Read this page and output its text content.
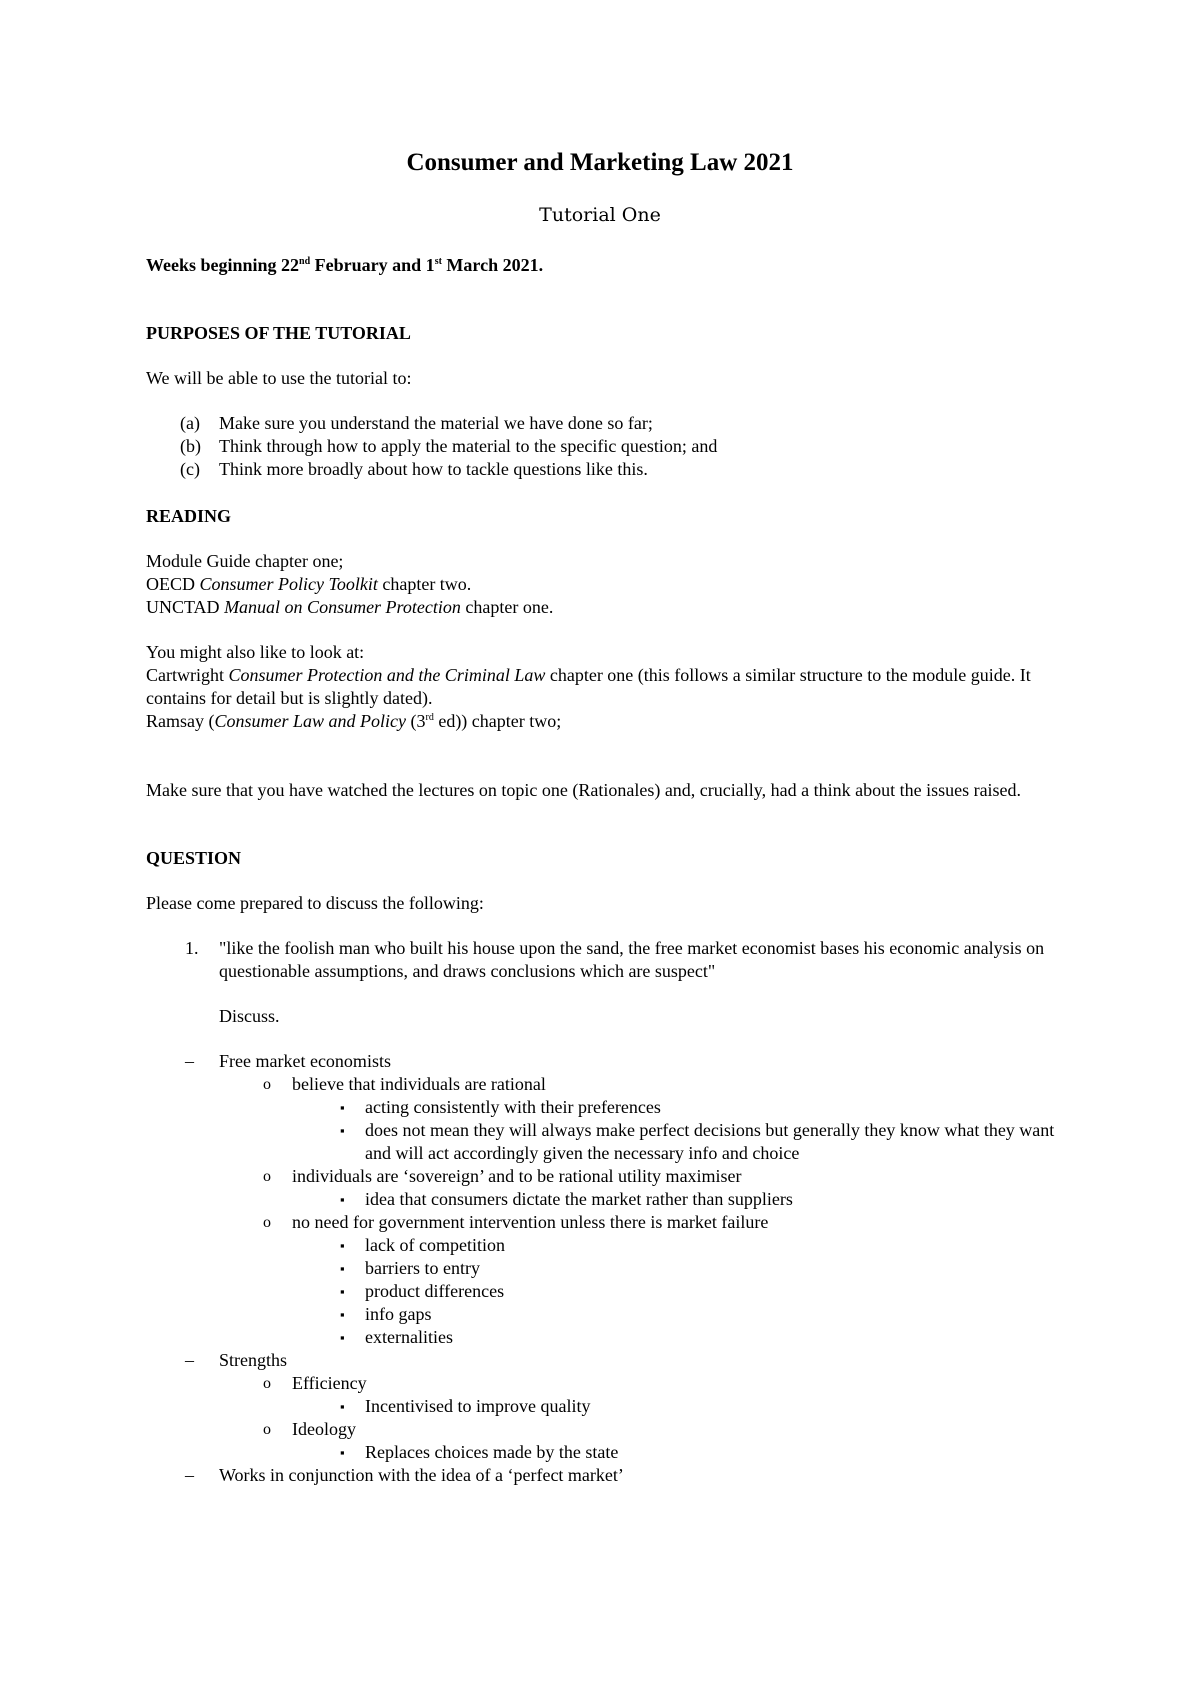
Consumer and Marketing Law 2021
Tutorial One

Weeks beginning 22nd February and 1st March 2021.

PURPOSES OF THE TUTORIAL

We will be able to use the tutorial to:

(a) Make sure you understand the material we have done so far;
(b) Think through how to apply the material to the specific question; and
(c) Think more broadly about how to tackle questions like this.

READING

Module Guide chapter one;

OECD Consumer Policy Toolkit chapter two.

UNCTAD Manual on Consumer Protection chapter one.

You might also like to look at:

Cartwright Consumer Protection and the Criminal Law chapter one (this follows a similar structure to the module guide. It contains for detail but is slightly dated).

Ramsay (Consumer Law and Policy (3rd ed)) chapter two;

Make sure that you have watched the lectures on topic one (Rationales) and, crucially, had a think about the issues raised.

QUESTION

Please come prepared to discuss the following:

1. "like the foolish man who built his house upon the sand, the free market economist bases his economic analysis on questionable assumptions, and draws conclusions which are suspect"

Discuss.

– Free market economists
o believe that individuals are rational
▪ acting consistently with their preferences
▪ does not mean they will always make perfect decisions but generally they know what they want and will act accordingly given the necessary info and choice
o individuals are ‘sovereign’ and to be rational utility maximiser
▪ idea that consumers dictate the market rather than suppliers
o no need for government intervention unless there is market failure
▪ lack of competition
▪ barriers to entry
▪ product differences
▪ info gaps
▪ externalities
– Strengths
o Efficiency
▪ Incentivised to improve quality
o Ideology
▪ Replaces choices made by the state
– Works in conjunction with the idea of a ‘perfect market’
